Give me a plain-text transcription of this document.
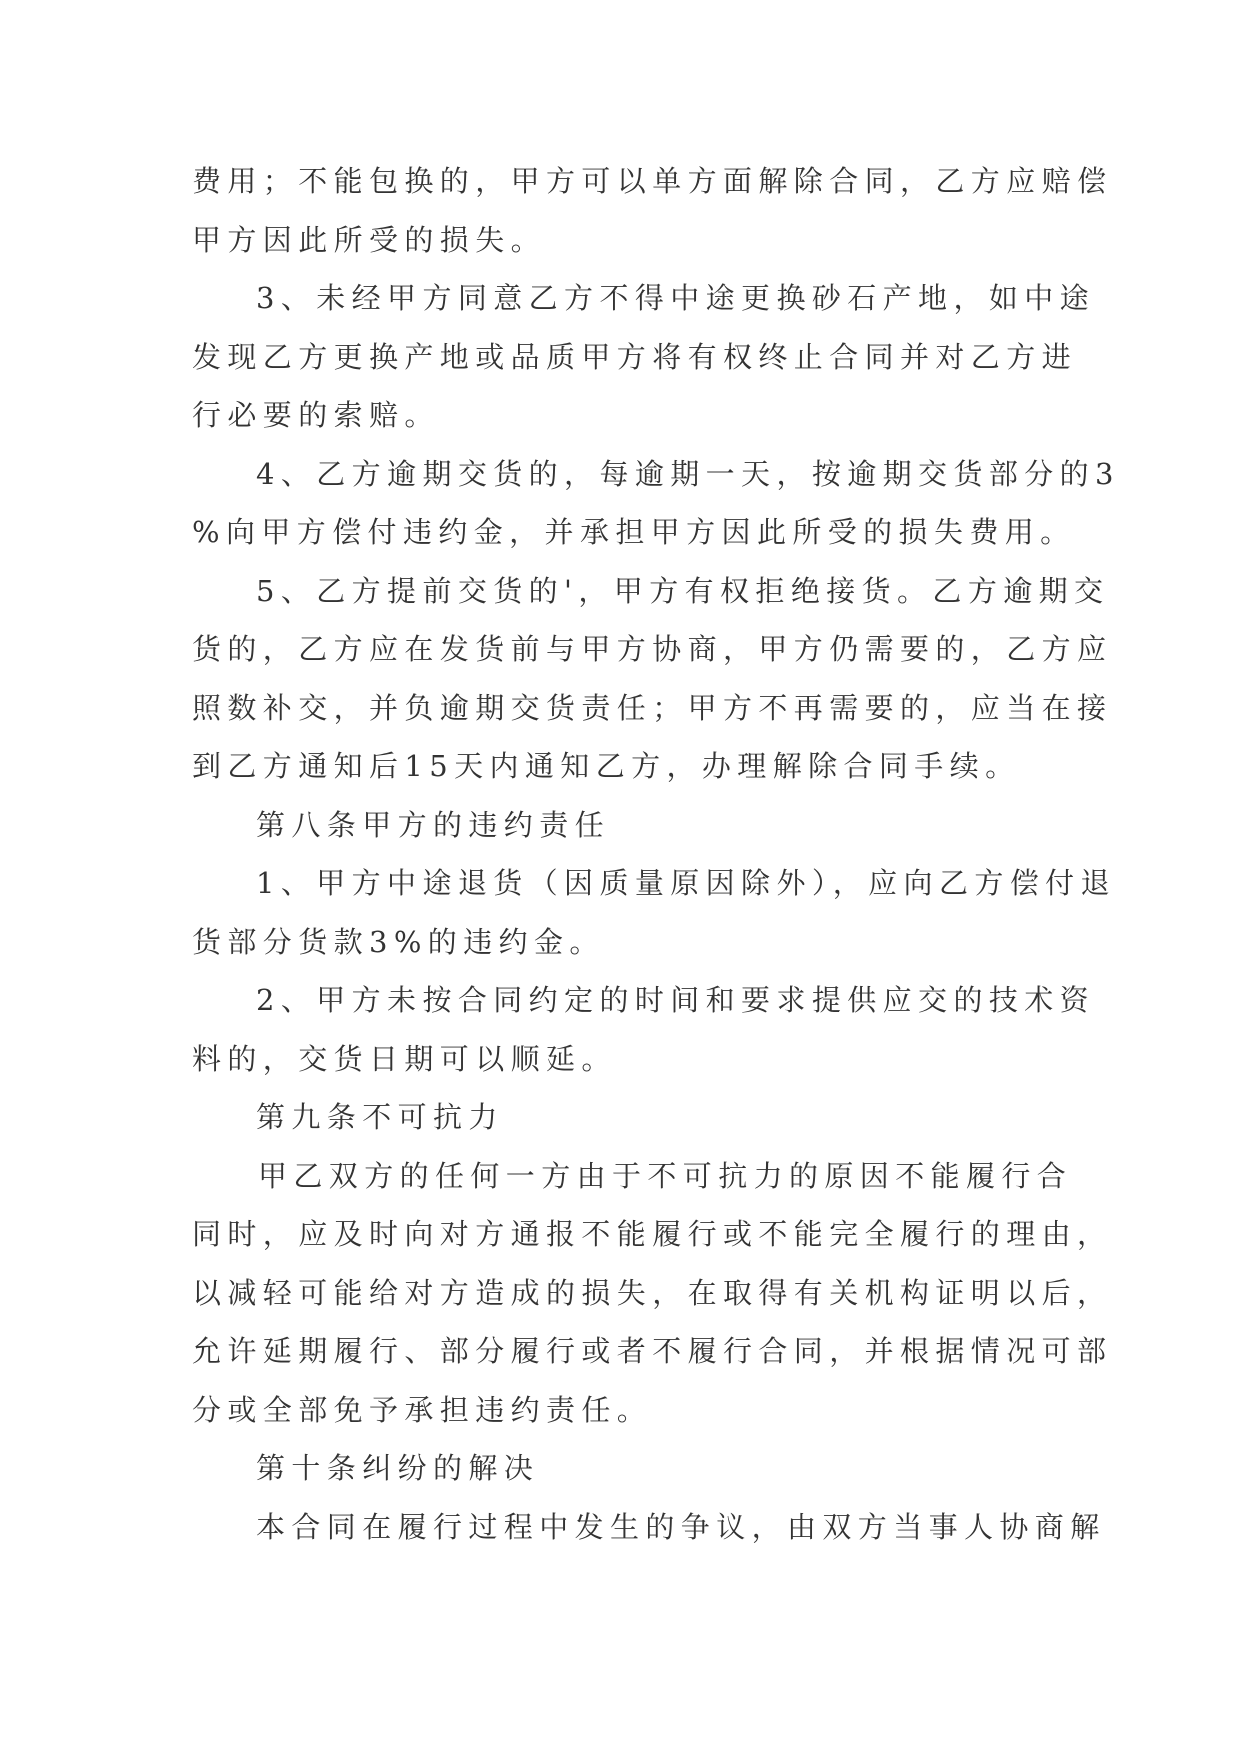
费用；不能包换的，甲方可以单方面解除合同，乙方应赔偿
甲方因此所受的损失。
3、未经甲方同意乙方不得中途更换砂石产地，如中途
发现乙方更换产地或品质甲方将有权终止合同并对乙方进
行必要的索赔。
4、乙方逾期交货的，每逾期一天，按逾期交货部分的3
%向甲方偿付违约金，并承担甲方因此所受的损失费用。
5、乙方提前交货的'，甲方有权拒绝接货。乙方逾期交
货的，乙方应在发货前与甲方协商，甲方仍需要的，乙方应
照数补交，并负逾期交货责任；甲方不再需要的，应当在接
到乙方通知后15天内通知乙方，办理解除合同手续。
第八条甲方的违约责任
1、甲方中途退货（因质量原因除外），应向乙方偿付退
货部分货款3%的违约金。
2、甲方未按合同约定的时间和要求提供应交的技术资
料的，交货日期可以顺延。
第九条不可抗力
甲乙双方的任何一方由于不可抗力的原因不能履行合
同时，应及时向对方通报不能履行或不能完全履行的理由，
以减轻可能给对方造成的损失，在取得有关机构证明以后，
允许延期履行、部分履行或者不履行合同，并根据情况可部
分或全部免予承担违约责任。
第十条纠纷的解决
本合同在履行过程中发生的争议，由双方当事人协商解
